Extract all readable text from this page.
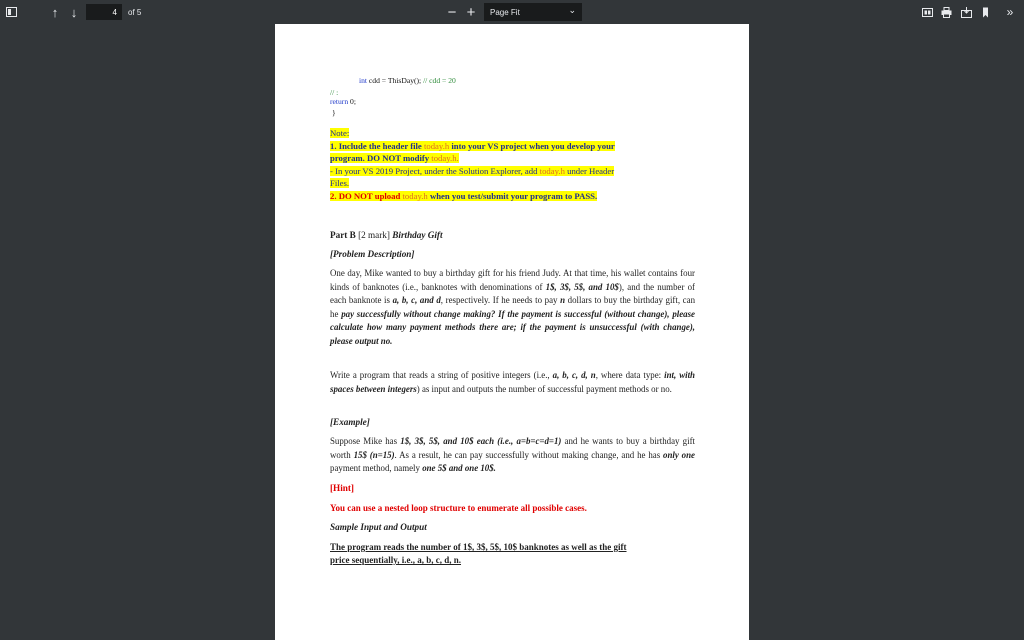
↑ ↓	4	of 5	− +	Page Fit	⌄	»
int cdd = ThisDay(); // cdd = 20
// :
return 0;
}
Note:
1. Include the header file today.h into your VS project when you develop your
program. DO NOT modify today.h.
- In your VS 2019 Project, under the Solution Explorer, add today.h under Header
Files.
2. DO NOT upload today.h when you test/submit your program to PASS.
Part B [2 mark] Birthday Gift
[Problem Description]
One day, Mike wanted to buy a birthday gift for his friend Judy. At that time, his wallet contains four kinds of banknotes (i.e., banknotes with denominations of 1$, 3$, 5$, and 10$), and the number of each banknote is a, b, c, and d, respectively. If he needs to pay n dollars to buy the birthday gift, can he pay successfully without change making? If the payment is successful (without change), please calculate how many payment methods there are; if the payment is unsuccessful (with change), please output no.
Write a program that reads a string of positive integers (i.e., a, b, c, d, n, where data type: int, with spaces between integers) as input and outputs the number of successful payment methods or no.
[Example]
Suppose Mike has 1$, 3$, 5$, and 10$ each (i.e., a=b=c=d=1) and he wants to buy a birthday gift worth 15$ (n=15). As a result, he can pay successfully without making change, and he has only one payment method, namely one 5$ and one 10$.
[Hint]
You can use a nested loop structure to enumerate all possible cases.
Sample Input and Output
The program reads the number of 1$, 3$, 5$, 10$ banknotes as well as the gift
price sequentially, i.e., a, b, c, d, n.
